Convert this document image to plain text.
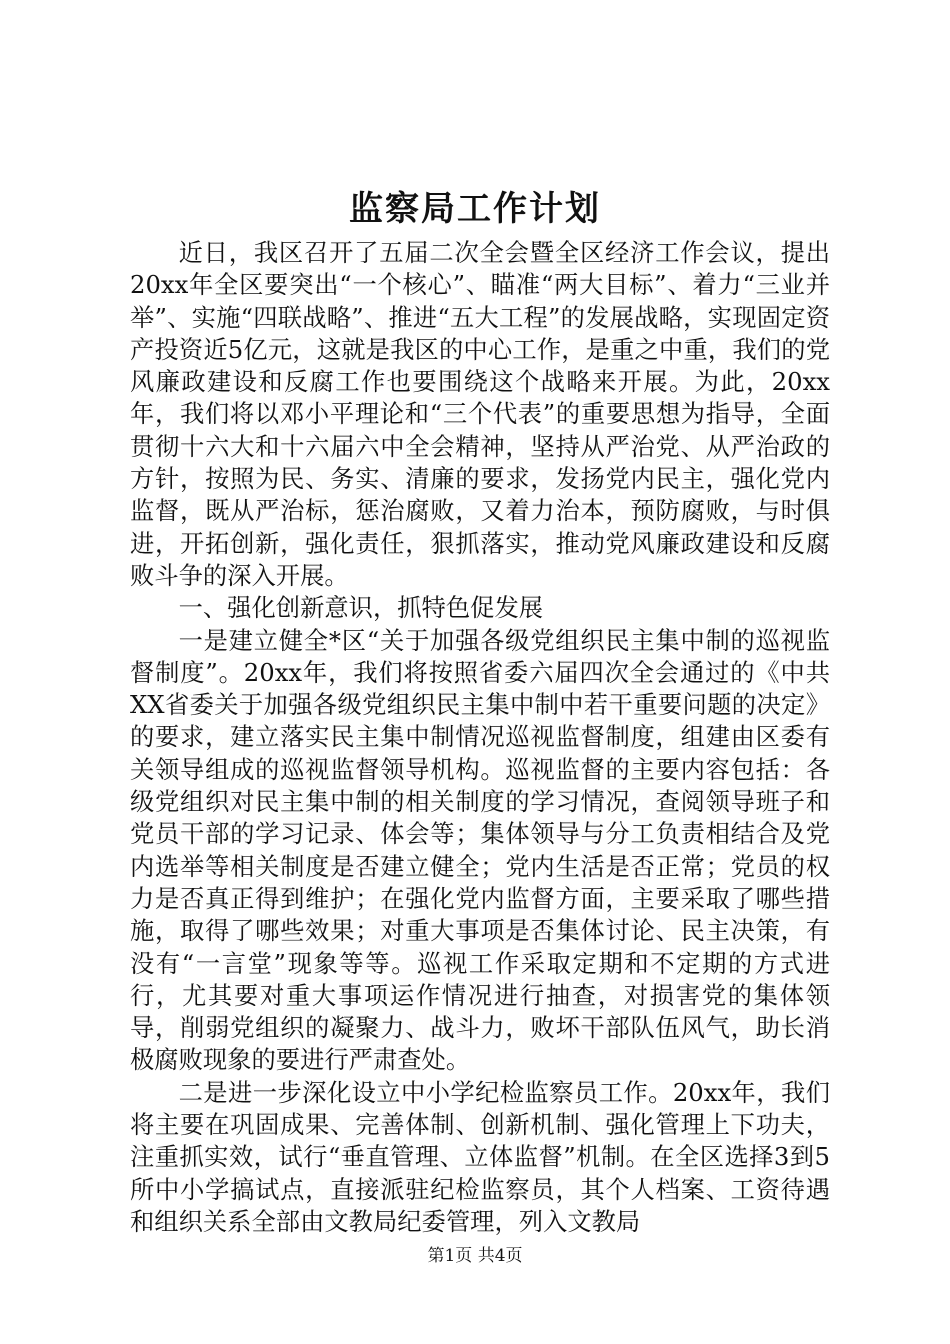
监察局工作计划

近日，我区召开了五届二次全会暨全区经济工作会议，提出20xx年全区要突出“一个核心”、瞄准“两大目标”、着力“三业并举”、实施“四联战略”、推进“五大工程”的发展战略，实现固定资产投资近5亿元，这就是我区的中心工作，是重之中重，我们的党风廉政建设和反腐工作也要围绕这个战略来开展。为此，20xx年，我们将以邓小平理论和“三个代表”的重要思想为指导，全面贯彻十六大和十六届六中全会精神，坚持从严治党、从严治政的方针，按照为民、务实、清廉的要求，发扬党内民主，强化党内监督，既从严治标，惩治腐败，又着力治本，预防腐败，与时俱进，开拓创新，强化责任，狠抓落实，推动党风廉政建设和反腐败斗争的深入开展。

一、强化创新意识，抓特色促发展

一是建立健全*区“关于加强各级党组织民主集中制的巡视监督制度”。20xx年，我们将按照省委六届四次全会通过的《中共XX省委关于加强各级党组织民主集中制中若干重要问题的决定》的要求，建立落实民主集中制情况巡视监督制度，组建由区委有关领导组成的巡视监督领导机构。巡视监督的主要内容包括：各级党组织对民主集中制的相关制度的学习情况，查阅领导班子和党员干部的学习记录、体会等；集体领导与分工负责相结合及党内选举等相关制度是否建立健全；党内生活是否正常；党员的权力是否真正得到维护；在强化党内监督方面，主要采取了哪些措施，取得了哪些效果；对重大事项是否集体讨论、民主决策，有没有“一言堂”现象等等。巡视工作采取定期和不定期的方式进行，尤其要对重大事项运作情况进行抽查，对损害党的集体领导，削弱党组织的凝聚力、战斗力，败坏干部队伍风气，助长消极腐败现象的要进行严肃查处。

二是进一步深化设立中小学纪检监察员工作。20xx年，我们将主要在巩固成果、完善体制、创新机制、强化管理上下功夫，注重抓实效，试行“垂直管理、立体监督”机制。在全区选择3到5所中小学搞试点，直接派驻纪检监察员，其个人档案、工资待遇和组织关系全部由文教局纪委管理，列入文教局

第1页 共4页
